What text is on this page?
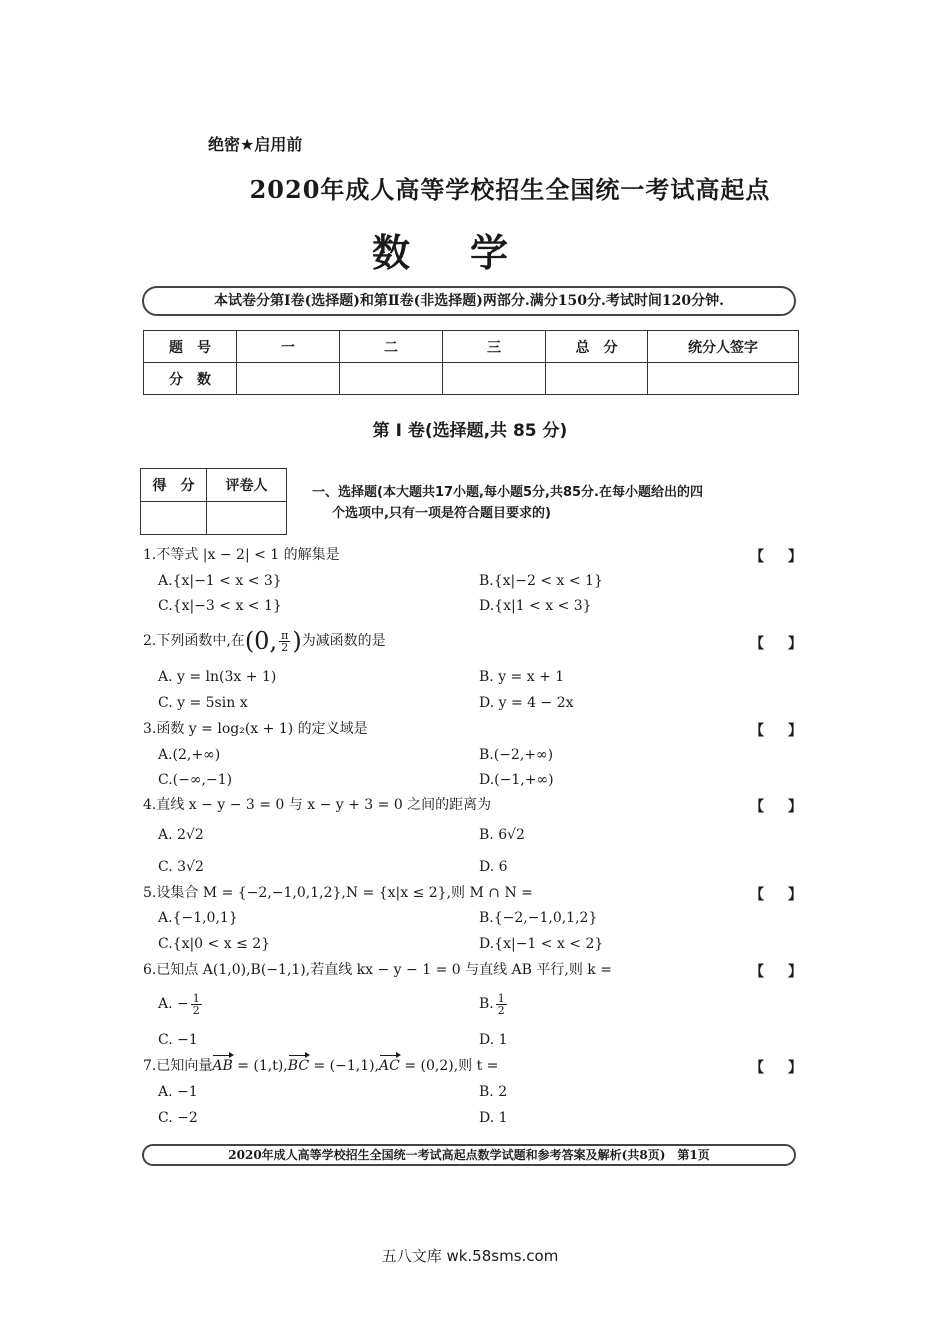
绝密★启用前
2020年成人高等学校招生全国统一考试高起点
数学
本试卷分第Ⅰ卷(选择题)和第Ⅱ卷(非选择题)两部分.满分150分.考试时间120分钟.
题　号	一	二	三	总　分	统分人签字
分　数					
第 Ⅰ 卷(选择题,共 85 分)
得　分	评卷人
		一、选择题(本大题共17小题,每小题5分,共85分.在每小题给出的四
个选项中,只有一项是符合题目要求的)
1.不等式 |x − 2| < 1 的解集是	【】
A.{x|−1 < x < 3}	B.{x|−2 < x < 1}
C.{x|−3 < x < 1}	D.{x|1 < x < 3}
2.下列函数中,在(0, $\frac{\pi}{2}$ )为减函数的是	【】
A. y = ln(3x + 1)	B. y = x + 1
C. y = 5sin x	D. y = 4 − 2x
3.函数 y = log₂(x + 1) 的定义域是	【】
A.(2,+∞)	B.(−2,+∞)
C.(−∞,−1)	D.(−1,+∞)
4.直线 x − y − 3 = 0 与 x − y + 3 = 0 之间的距离为	【】
A. 2√2	B. 6√2
C. 3√2	D. 6
5.设集合 M = {−2,−1,0,1,2},N = {x|x ≤ 2},则 M ∩ N =	【】
A.{−1,0,1}	B.{−2,−1,0,1,2}
C.{x|0 < x ≤ 2}	D.{x|−1 < x < 2}
6.已知点 A(1,0),B(−1,1),若直线 kx − y − 1 = 0 与直线 AB 平行,则 k =	【】
A. − $\frac{1}{2}$	B. $\frac{1}{2}$
C. −1	D. 1
7.已知向量AB = (1,t),BC = (−1,1),AC = (0,2),则 t =	【】
A. −1	B. 2
C. −2	D. 1
2020年成人高等学校招生全国统一考试高起点数学试题和参考答案及解析(共8页)　第1页
五八文库 wk.58sms.com
